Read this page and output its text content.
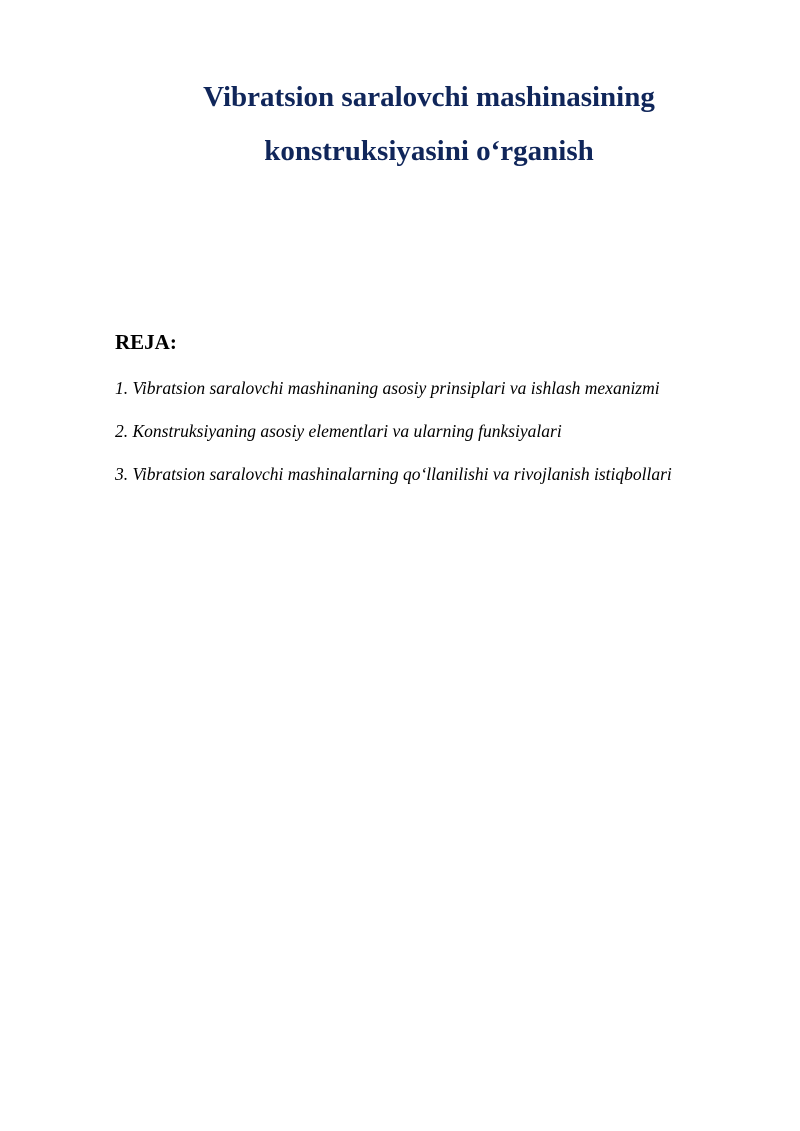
Vibratsion saralovchi mashinasining
konstruksiyasini o‘rganish
REJA:
1. Vibratsion saralovchi mashinaning asosiy prinsiplari va ishlash mexanizmi
2. Konstruksiyaning asosiy elementlari va ularning funksiyalari
3. Vibratsion saralovchi mashinalarning qo‘llanilishi va rivojlanish istiqbollari
